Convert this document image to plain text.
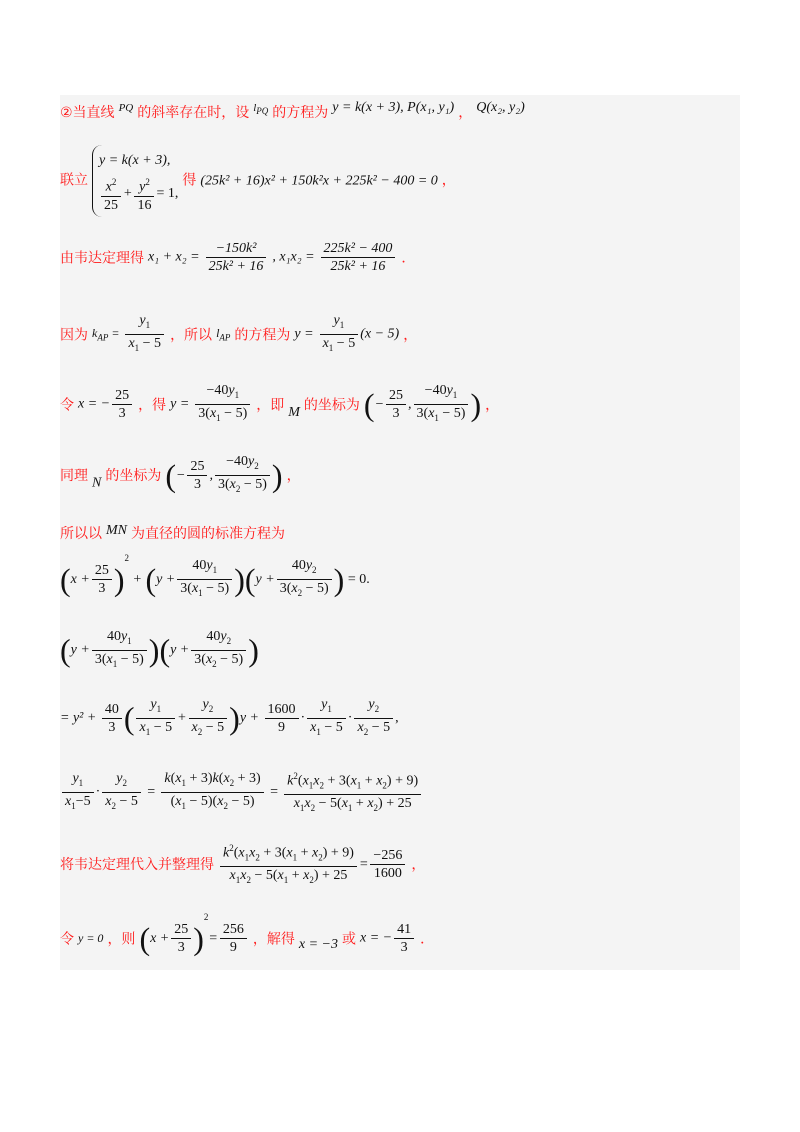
②当直线 $^{PQ}$ 的斜率存在时，设 $^{l_{PQ}}$ 的方程为 y = k(x + 3), P(x₁, y₁) ， Q(x₂, y₂)
联立
y = k(x + 3),
$\frac{x^2}{25} + \frac{y^2}{16} = 1$,
得 (25k² + 16)x² + 150k²x + 225k² − 400 = 0 ，
由韦达定理得 $x_1 + x_2 = \frac{\text{−150k²}}{\text{25k² + 16}}$ , $x_1x_2 = \frac{\text{225k² − 400}}{\text{25k² + 16}}$ ．
因为 $k_{AP} = \frac{y_1}{x_1 - 5}$ ，所以 $l_{AP}$ 的方程为 $y = \frac{y_1}{x_1 - 5} (x - 5)$ ，
令 x = − $\frac{25}{3}$ ，得 $y = \frac{-40y_1}{3(x_1 - 5)}$ ，即 M 的坐标为 (− $\frac{25}{3}$ , $\frac{-40y_1}{3(x_1 - 5)}$ ) ，
同理 N 的坐标为 (− $\frac{25}{3}$ , $\frac{-40y_2}{3(x_2 - 5)}$ ) ，
所以以 MN 为直径的圆的标准方程为
$(x + \frac{25}{3} )^2 + (y + \frac{40y_1}{3(x_1 - 5)} )(y + \frac{40y_2}{3(x_2 - 5)}$ ) = 0.
$(y + \frac{40y_1}{3(x_1 - 5)} )(y + \frac{40y_2}{3(x_2 - 5)}$ )
= $y^2 + \frac{40}{3}$ ( $\frac{y_1}{x_1 - 5} + \frac{y_2}{x_2 - 5} )y + \frac{1600}{9} \cdot \frac{y_1}{x_1 - 5} \cdot \frac{y_2}{x_2 - 5}$ ,
$\frac{y_1}{x_1-5} \cdot \frac{y_2}{x_2 - 5} = \frac{k(x_1 + 3)k(x_2 + 3)}{(x_1 - 5)(x_2 - 5)} = \frac{k^2(x_1x_2 + 3(x_1 + x_2) + 9)}{x_1x_2 - 5(x_1 + x_2) + 25}$
将韦达定理代入并整理得 $\frac{k^2(x_1x_2 + 3(x_1 + x_2) + 9)}{x_1x_2 - 5(x_1 + x_2) + 25} = \frac{-256}{1600}$ ，
令 y = 0 ，则 $(x + \frac{25}{3} )^2= \frac{256}{9}$ ，解得 x = −3 或 x = − $\frac{41}{3}$ ．
